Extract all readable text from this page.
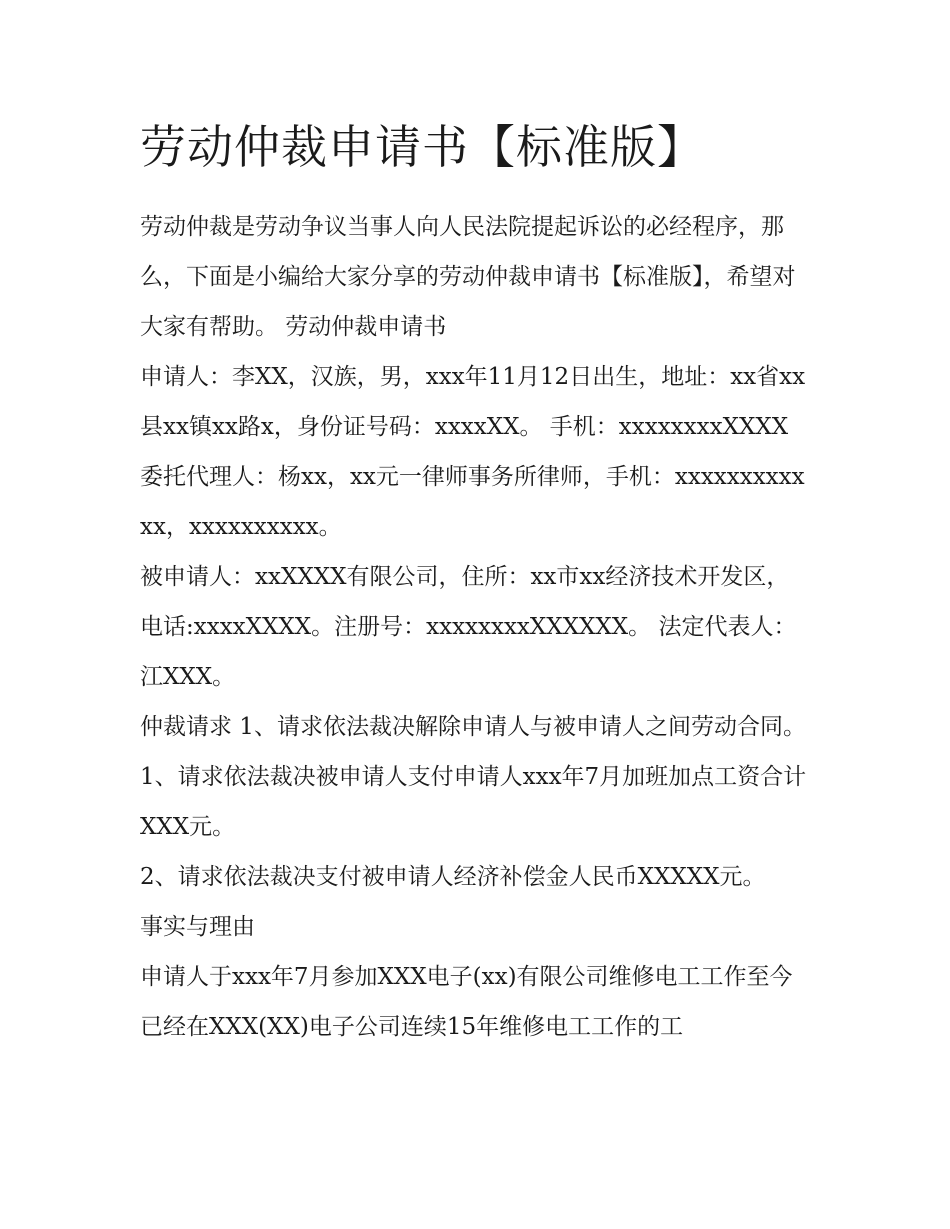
劳动仲裁申请书【标准版】

劳动仲裁是劳动争议当事人向人民法院提起诉讼的必经程序，那么，下面是小编给大家分享的劳动仲裁申请书【标准版】，希望对大家有帮助。 劳动仲裁申请书

申请人：李XX，汉族，男，xxx年11月12日出生，地址：xx省xx县xx镇xx路x，身份证号码：xxxxXX。 手机：xxxxxxxxXXXX

委托代理人：杨xx，xx元一律师事务所律师，手机：xxxxxxxxxxxx，xxxxxxxxxx。

被申请人：xxXXXX有限公司，住所：xx市xx经济技术开发区，电话:xxxxXXXX。注册号：xxxxxxxxXXXXXX。 法定代表人：江XXX。

仲裁请求 1、请求依法裁决解除申请人与被申请人之间劳动合同。 1、请求依法裁决被申请人支付申请人xxx年7月加班加点工资合计XXX元。

2、请求依法裁决支付被申请人经济补偿金人民币XXXXX元。

事实与理由

申请人于xxx年7月参加XXX电子(xx)有限公司维修电工工作至今已经在XXX(XX)电子公司连续15年维修电工工作的工
